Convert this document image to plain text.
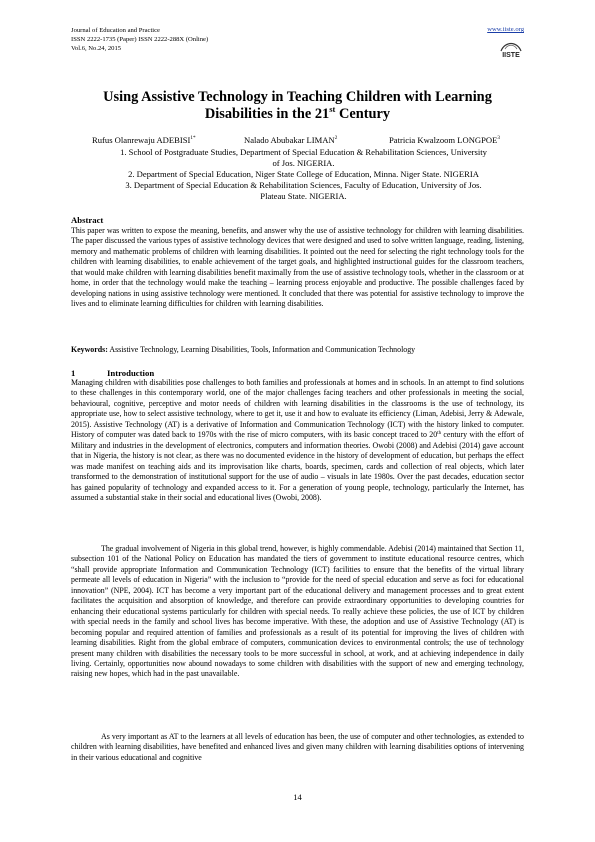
Journal of Education and Practice
ISSN 2222-1735 (Paper) ISSN 2222-288X (Online)
Vol.6, No.24, 2015
www.iiste.org
IISTE
Using Assistive Technology in Teaching Children with Learning
Disabilities in the 21st Century
Rufus Olanrewaju $ADEBISI^{1*}$	Nalado Abubakar LIMAN$^2$	Patricia Kwalzoom LONGPOE$^3$
1. School of Postgraduate Studies, Department of Special Education & Rehabilitation Sciences, University
of Jos. NIGERIA.
2. Department of Special Education, Niger State College of Education, Minna. Niger State. NIGERIA
3. Department of Special Education & Rehabilitation Sciences, Faculty of Education, University of Jos.
Plateau State. NIGERIA.
Abstract

This paper was written to expose the meaning, benefits, and answer why the use of assistive technology for children with learning disabilities. The paper discussed the various types of assistive technology devices that were designed and used to solve written language, reading, listening, memory and mathematic problems of children with learning disabilities. It pointed out the need for selecting the right technology tools for the children with learning disabilities, to enable achievement of the target goals, and highlighted instructional guides for the classroom teachers, that would make children with learning disabilities benefit maximally from the use of assistive technology tools, whether in the classroom or at home, in order that the technology would make the teaching – learning process enjoyable and productive. The possible challenges faced by developing nations in using assistive technology were mentioned. It concluded that there was potential for assistive technology to improve the lives and to eliminate learning difficulties for children with learning disabilities.

Keywords: Assistive Technology, Learning Disabilities, Tools, Information and Communication Technology

1	Introduction

Managing children with disabilities pose challenges to both families and professionals at homes and in schools. In an attempt to find solutions to these challenges in this contemporary world, one of the major challenges facing teachers and other professionals in meeting the social, behavioural, cognitive, perceptive and motor needs of children with learning disabilities in the classrooms is the use of technology, its appropriate use, how to select assistive technology, where to get it, use it and how to evaluate its efficiency (Liman, Adebisi, Jerry & Adewale, 2015). Assistive Technology (AT) is a derivative of Information and Communication Technology (ICT) with the history linked to computer. History of computer was dated back to 1970s with the rise of micro computers, with its basic concept traced to 20th century with the effort of Military and industries in the development of electronics, computers and information theories. Owobi (2008) and Adebisi (2014) gave account that in Nigeria, the history is not clear, as there was no documented evidence in the history of development of education, but perhaps the effect was made manifest on teaching aids and its improvisation like charts, boards, specimen, cards and collection of real objects, which later transformed to the demonstration of institutional support for the use of audio – visuals in late 1980s. Over the past decades, education sector has gained popularity of technology and expanded access to it. For a generation of young people, technology, particularly the Internet, has assumed a substantial stake in their social and educational lives (Owobi, 2008).

The gradual involvement of Nigeria in this global trend, however, is highly commendable. Adebisi (2014) maintained that Section 11, subsection 101 of the National Policy on Education has mandated the tiers of government to institute educational resource centres, which “shall provide appropriate Information and Communication Technology (ICT) facilities to ensure that the benefits of the virtual library permeate all levels of education in Nigeria” with the inclusion to “provide for the need of special education and serve as foci for educational innovation” (NPE, 2004). ICT has become a very important part of the educational delivery and management processes and to great extent facilitates the acquisition and absorption of knowledge, and therefore can provide extraordinary opportunities to developing countries for enhancing their educational systems particularly for children with special needs. To really achieve these policies, the use of ICT by children with special needs in the family and school lives has become imperative. With these, the adoption and use of Assistive Technology (AT) is becoming popular and required attention of families and professionals as a result of its potential for improving the lives of children with learning disabilities. Right from the global embrace of computers, communication devices to environmental controls; the use of technology present many children with disabilities the necessary tools to be more successful in school, at work, and at achieving independence in daily living. Certainly, opportunities now abound nowadays to some children with disabilities with the support of new and emerging technology, raising new hopes, which had in the past unavailable.

As very important as AT to the learners at all levels of education has been, the use of computer and other technologies, as extended to children with learning disabilities, have benefited and enhanced lives and given many children with learning disabilities options of intervening in their various educational and cognitive

14
